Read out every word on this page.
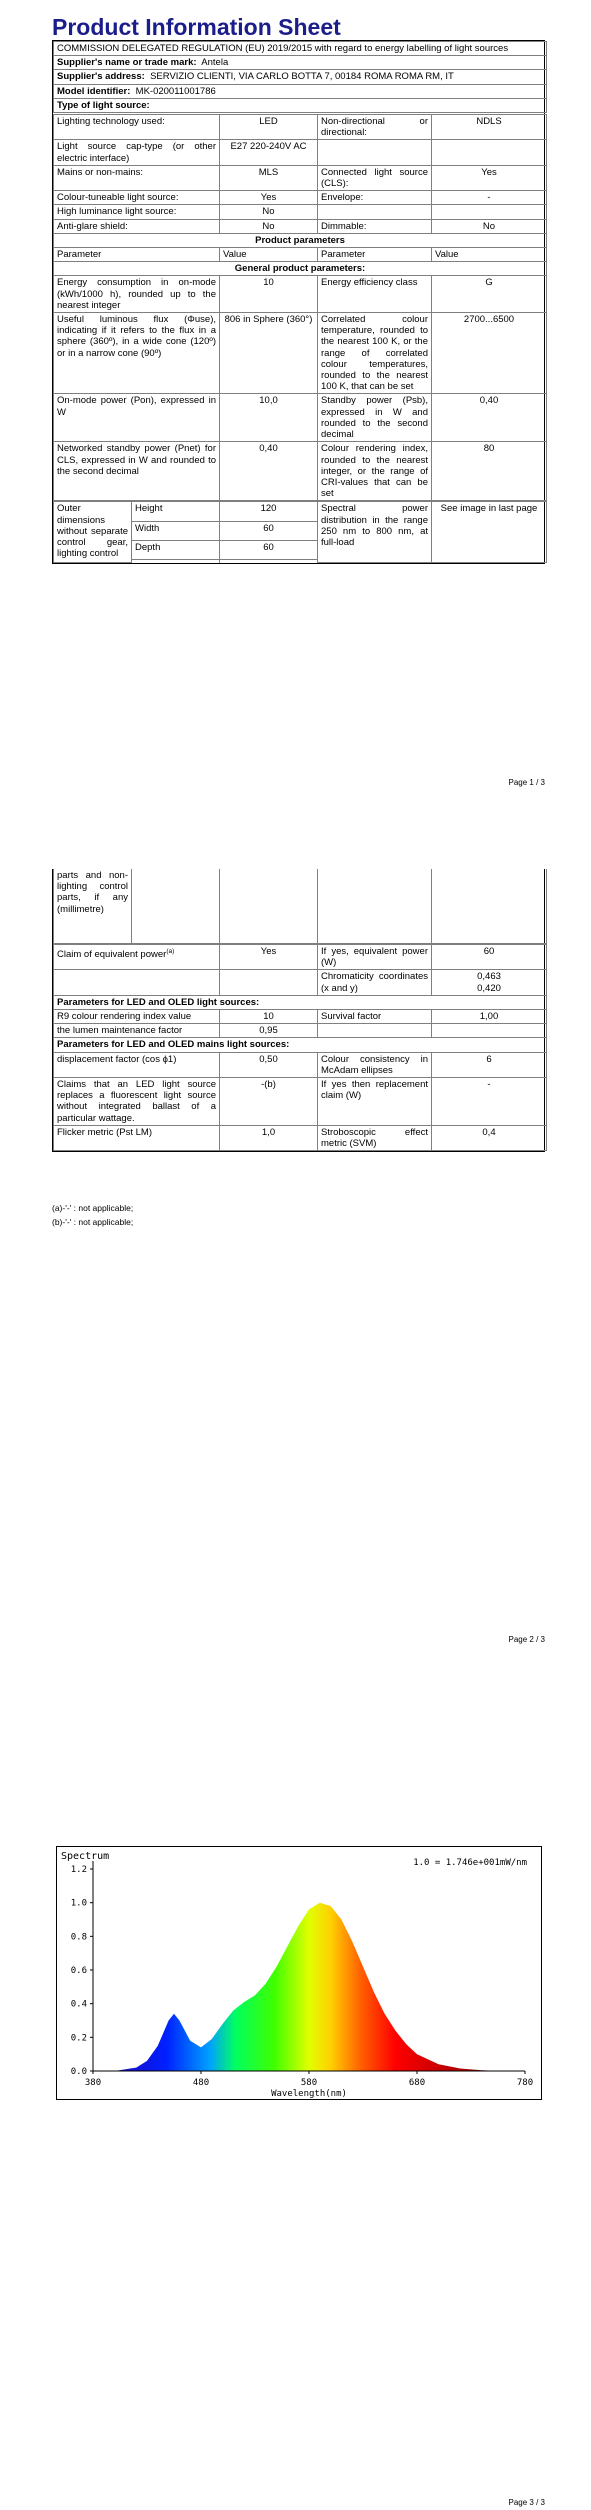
Product Information Sheet
COMMISSION DELEGATED REGULATION (EU) 2019/2015 with regard to energy labelling of light sources			
Supplier's name or trade mark: Antela			
Supplier's address: SERVIZIO CLIENTI, VIA CARLO BOTTA 7, 00184 ROMA ROMA RM, IT			
Model identifier: MK-020011001786			
Type of light source:			

Lighting technology used:	LED	Non-directional or directional:	NDLS
Light source cap-type (or other electric interface)	E27 220-240V AC		
Mains or non-mains:	MLS	Connected light source (CLS):	Yes
Colour-tuneable light source:	Yes	Envelope:	-
High luminance light source:	No		
Anti-glare shield:	No	Dimmable:	No
Product parameters			
Parameter	Value	Parameter	Value
General product parameters:			
Energy consumption in on-mode (kWh/1000 h), rounded up to the nearest integer	10	Energy efficiency class	G
Useful luminous flux (Φuse), indicating if it refers to the flux in a sphere (360º), in a wide cone (120º) or in a narrow cone (90º)	806 in Sphere (360°)	Correlated colour temperature, rounded to the nearest 100 K, or the range of correlated colour temperatures, rounded to the nearest 100 K, that can be set	2700...6500
On-mode power (Pon), expressed in W	10,0	Standby power (Psb), expressed in W and rounded to the second decimal	0,40
Networked standby power (Pnet) for CLS, expressed in W and rounded to the second decimal	0,40	Colour rendering index, rounded to the nearest integer, or the range of CRI-values that can be set	80
Outer dimensions without separate control gear, lighting control	Height	120	Spectral power distribution in the range 250 nm to 800 nm, at full-load	See image in last page
	Width	60		
	Depth	60		

Page 1 / 3
parts and non-lighting control parts, if any (millimetre)				
Claim of equivalent power$^{(a)}$	Yes	If yes, equivalent power (W)	60
		Chromaticity coordinates (x and y)	0,463
0,420
Parameters for LED and OLED light sources:			
R9 colour rendering index value	10	Survival factor	1,00
the lumen maintenance factor	0,95		
Parameters for LED and OLED mains light sources:			
displacement factor (cos ϕ1)	0,50	Colour consistency in McAdam ellipses	6
Claims that an LED light source replaces a fluorescent light source without integrated ballast of a particular wattage.	-(b)	If yes then replacement claim (W)	-
Flicker metric (Pst LM)	1,0	Stroboscopic effect metric (SVM)	0,4
(a)-'-' : not applicable;
(b)-'-' : not applicable;
Page 2 / 3
0.0
0.2
0.4
0.6
0.8
1.0
1.2
380	480	580	680	780
Spectrum
1.0 = 1.746e+001mW/nm
Wavelength(nm)
Page 3 / 3
